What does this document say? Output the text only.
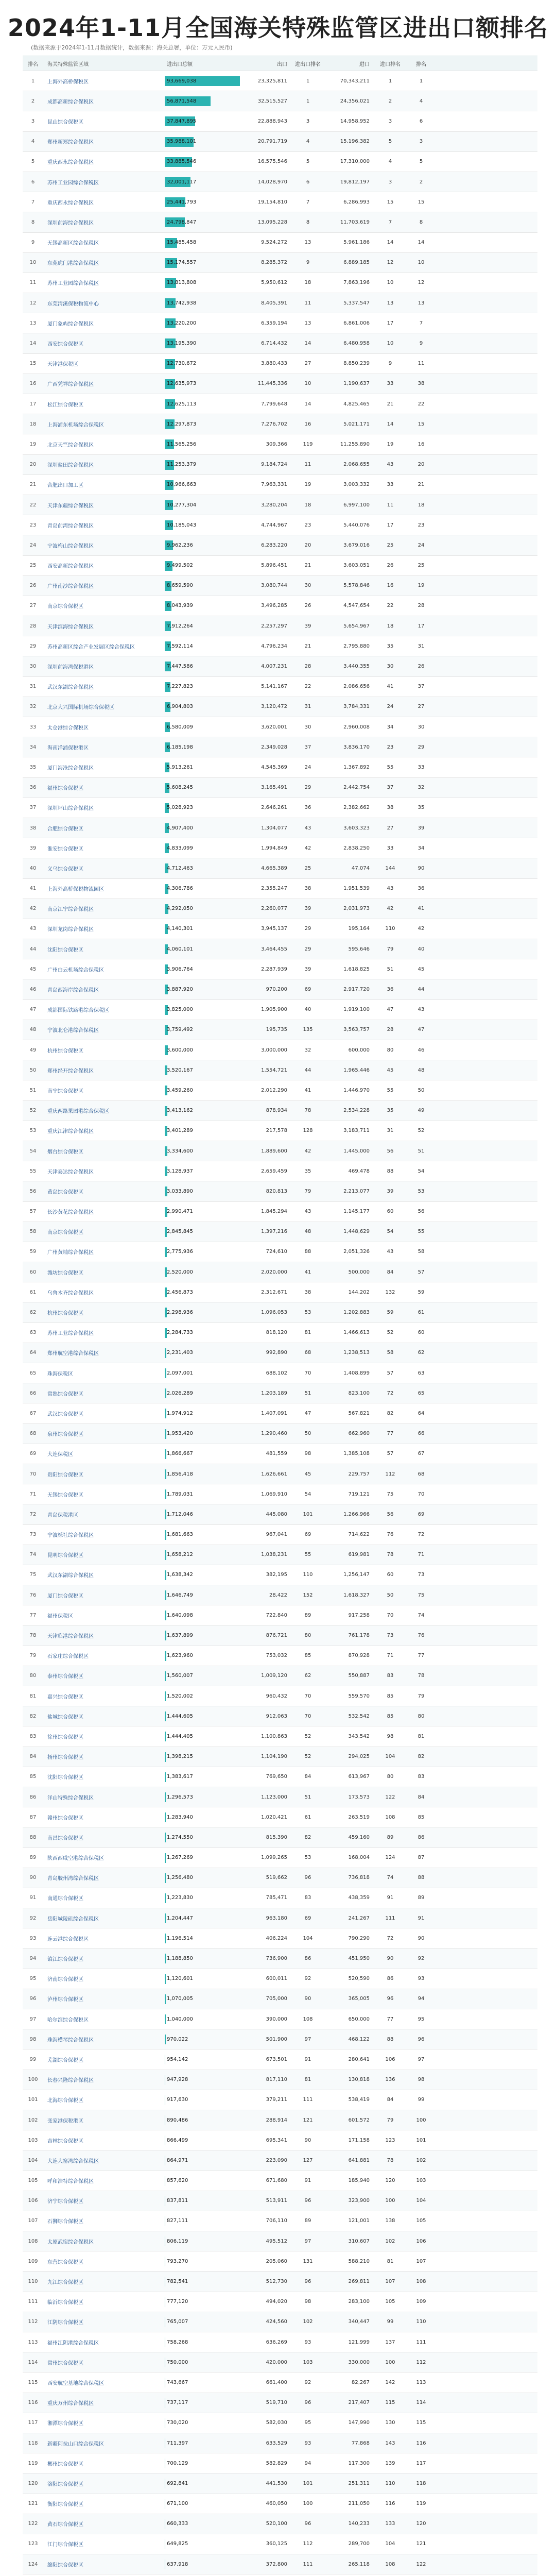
2024年1-11月全国海关特殊监管区进出口额排名
(数据来源于2024年1-11月数据统计，数据来源：海关总署，单位：万元人民币)
排名	海关特殊监管区域	进出口总额	出口	进出口排名	进口	进口排名	排名
1	上海外高桥保税区	93,669,038	23,325,811	1	70,343,211	1	1
2	成都高新综合保税区	56,871,548	32,515,527	1	24,356,021	2	4
3	昆山综合保税区	37,847,895	22,888,943	3	14,958,952	3	6
4	郑州新郑综合保税区	35,988,101	20,791,719	4	15,196,382	5	3
5	重庆西永综合保税区	33,885,546	16,575,546	5	17,310,000	4	5
6	苏州工业园综合保税区	32,001,117	14,028,970	6	19,812,197	3	2
7	重庆西永综合保税区	25,441,793	19,154,810	7	6,286,993	15	15
8	深圳前海综合保税区	24,798,847	13,095,228	8	11,703,619	7	8
9	无锡高新区综合保税区	15,485,458	9,524,272	13	5,961,186	14	14
10	东莞虎门港综合保税区	15,174,557	8,285,372	9	6,889,185	12	10
11	苏州工业园综合保税区	13,813,808	5,950,612	18	7,863,196	10	12
12	东莞清溪保税物流中心	13,742,938	8,405,391	11	5,337,547	13	13
13	厦门象屿综合保税区	13,220,200	6,359,194	13	6,861,006	17	7
14	西安综合保税区	13,195,390	6,714,432	14	6,480,958	10	9
15	天津港保税区	12,730,672	3,880,433	27	8,850,239	9	11
16	广西凭祥综合保税区	12,635,973	11,445,336	10	1,190,637	33	38
17	松江综合保税区	12,625,113	7,799,648	14	4,825,465	21	22
18	上海浦东机场综合保税区	12,297,873	7,276,702	16	5,021,171	14	15
19	北京天竺综合保税区	11,565,256	309,366	119	11,255,890	19	16
20	深圳盐田综合保税区	11,253,379	9,184,724	11	2,068,655	43	20
21	合肥出口加工区	10,966,663	7,963,331	19	3,003,332	33	21
22	天津东疆综合保税区	10,277,304	3,280,204	18	6,997,100	11	18
23	青岛前湾综合保税区	10,185,043	4,744,967	23	5,440,076	17	23
24	宁波梅山综合保税区	9,962,236	6,283,220	20	3,679,016	25	24
25	西安高新综合保税区	9,499,502	5,896,451	21	3,603,051	26	25
26	广州南沙综合保税区	8,659,590	3,080,744	30	5,578,846	16	19
27	南京综合保税区	8,043,939	3,496,285	26	4,547,654	22	28
28	天津滨海综合保税区	7,912,264	2,257,297	39	5,654,967	18	17
29	苏州高新区综合产业发展区综合保税区	7,592,114	4,796,234	21	2,795,880	35	31
30	深圳前海湾保税港区	7,447,586	4,007,231	28	3,440,355	30	26
31	武汉东湖综合保税区	7,227,823	5,141,167	22	2,086,656	41	37
32	北京大兴国际机场综合保税区	6,904,803	3,120,472	31	3,784,331	24	27
33	太仓港综合保税区	6,580,009	3,620,001	30	2,960,008	34	30
34	海南洋浦保税港区	6,185,198	2,349,028	37	3,836,170	23	29
35	厦门海沧综合保税区	5,913,261	4,545,369	24	1,367,892	55	33
36	福州综合保税区	5,608,245	3,165,491	29	2,442,754	37	32
37	深圳坪山综合保税区	5,028,923	2,646,261	36	2,382,662	38	35
38	合肥综合保税区	4,907,400	1,304,077	43	3,603,323	27	39
39	淮安综合保税区	4,833,099	1,994,849	42	2,838,250	33	34
40	义乌综合保税区	4,712,463	4,665,389	25	47,074	144	90
41	上海外高桥保税物流园区	4,306,786	2,355,247	38	1,951,539	43	36
42	南京江宁综合保税区	4,292,050	2,260,077	39	2,031,973	42	41
43	深圳龙岗综合保税区	4,140,301	3,945,137	29	195,164	110	42
44	沈阳综合保税区	4,060,101	3,464,455	29	595,646	79	40
45	广州白云机场综合保税区	3,906,764	2,287,939	39	1,618,825	51	45
46	青岛西海岸综合保税区	3,887,920	970,200	69	2,917,720	36	44
47	成都国际铁路港综合保税区	3,825,000	1,905,900	40	1,919,100	47	43
48	宁波北仑港综合保税区	3,759,492	195,735	135	3,563,757	28	47
49	杭州综合保税区	3,600,000	3,000,000	32	600,000	80	46
50	郑州经开综合保税区	3,520,167	1,554,721	44	1,965,446	45	48
51	南宁综合保税区	3,459,260	2,012,290	41	1,446,970	55	50
52	重庆两路果园港综合保税区	3,413,162	878,934	78	2,534,228	35	49
53	重庆江津综合保税区	3,401,289	217,578	128	3,183,711	31	52
54	烟台综合保税区	3,334,600	1,889,600	42	1,445,000	56	51
55	天津泰达综合保税区	3,128,937	2,659,459	35	469,478	88	54
56	黄岛综合保税区	3,033,890	820,813	79	2,213,077	39	53
57	长沙黄花综合保税区	2,990,471	1,845,294	43	1,145,177	60	56
58	南京综合保税区	2,845,845	1,397,216	48	1,448,629	54	55
59	广州黄埔综合保税区	2,775,936	724,610	88	2,051,326	43	58
60	潍坊综合保税区	2,520,000	2,020,000	41	500,000	84	57
61	乌鲁木齐综合保税区	2,456,873	2,312,671	38	144,202	132	59
62	杭州综合保税区	2,298,936	1,096,053	53	1,202,883	59	61
63	苏州工业综合保税区	2,284,733	818,120	81	1,466,613	52	60
64	郑州航空港综合保税区	2,231,403	992,890	68	1,238,513	58	62
65	珠海保税区	2,097,001	688,102	70	1,408,899	57	63
66	常熟综合保税区	2,026,289	1,203,189	51	823,100	72	65
67	武汉综合保税区	1,974,912	1,407,091	47	567,821	82	64
68	泉州综合保税区	1,953,420	1,290,460	50	662,960	77	66
69	大连保税区	1,866,667	481,559	98	1,385,108	57	67
70	贵阳综合保税区	1,856,418	1,626,661	45	229,757	112	68
71	无锡综合保税区	1,789,031	1,069,910	54	719,121	75	70
72	青岛保税港区	1,712,046	445,080	101	1,266,966	56	69
73	宁波栎社综合保税区	1,681,663	967,041	69	714,622	76	72
74	昆明综合保税区	1,658,212	1,038,231	55	619,981	78	71
75	武汉东湖综合保税区	1,638,342	382,195	110	1,256,147	60	73
76	厦门综合保税区	1,646,749	28,422	152	1,618,327	50	75
77	福州保税区	1,640,098	722,840	89	917,258	70	74
78	天津临港综合保税区	1,637,899	876,721	80	761,178	73	76
79	石家庄综合保税区	1,623,960	753,032	85	870,928	71	77
80	泰州综合保税区	1,560,007	1,009,120	62	550,887	83	78
81	嘉兴综合保税区	1,520,002	960,432	70	559,570	85	79
82	盐城综合保税区	1,444,605	912,063	70	532,542	85	80
83	徐州综合保税区	1,444,405	1,100,863	52	343,542	98	81
84	扬州综合保税区	1,398,215	1,104,190	52	294,025	104	82
85	沈阳综合保税区	1,383,617	769,650	84	613,967	80	83
86	洋山特殊综合保税区	1,296,573	1,123,000	51	173,573	122	84
87	赣州综合保税区	1,283,940	1,020,421	61	263,519	108	85
88	南昌综合保税区	1,274,550	815,390	82	459,160	89	86
89	陕西西咸空港综合保税区	1,267,269	1,099,265	53	168,004	124	87
90	青岛胶州湾综合保税区	1,256,480	519,662	96	736,818	74	88
91	南通综合保税区	1,223,830	785,471	83	438,359	91	89
92	岳阳城陵矶综合保税区	1,204,447	963,180	69	241,267	111	91
93	连云港综合保税区	1,196,514	406,224	104	790,290	72	90
94	镇江综合保税区	1,188,850	736,900	86	451,950	90	92
95	济南综合保税区	1,120,601	600,011	92	520,590	86	93
96	泸州综合保税区	1,070,005	705,000	90	365,005	96	94
97	哈尔滨综合保税区	1,040,000	390,000	108	650,000	77	95
98	珠海横琴综合保税区	970,022	501,900	97	468,122	88	96
99	芜湖综合保税区	954,142	673,501	91	280,641	106	97
100	长春兴隆综合保税区	947,928	817,110	81	130,818	136	98
101	北海综合保税区	917,630	379,211	111	538,419	84	99
102	张家港保税港区	890,486	288,914	121	601,572	79	100
103	吉林综合保税区	866,499	695,341	90	171,158	123	101
104	大连大窑湾综合保税区	864,971	223,090	127	641,881	78	102
105	呼和浩特综合保税区	857,620	671,680	91	185,940	120	103
106	济宁综合保税区	837,811	513,911	96	323,900	100	104
107	石狮综合保税区	827,111	706,110	89	121,001	138	105
108	太原武宿综合保税区	806,119	495,512	97	310,607	102	106
109	东营综合保税区	793,270	205,060	131	588,210	81	107
110	九江综合保税区	782,541	512,730	96	269,811	107	108
111	临沂综合保税区	777,120	494,020	98	283,100	105	109
112	江阴综合保税区	765,007	424,560	102	340,447	99	110
113	福州江阴港综合保税区	758,268	636,269	93	121,999	137	111
114	常州综合保税区	750,000	420,000	103	330,000	100	112
115	西安航空基地综合保税区	743,667	661,400	92	82,267	142	113
116	重庆万州综合保税区	737,117	519,710	96	217,407	115	114
117	湘潭综合保税区	730,020	582,030	95	147,990	130	115
118	新疆阿拉山口综合保税区	711,397	633,529	93	77,868	143	116
119	郴州综合保税区	700,129	582,829	94	117,300	139	117
120	洛阳综合保税区	692,841	441,530	101	251,311	110	118
121	衡阳综合保税区	671,100	460,050	100	211,050	116	119
122	黄石综合保税区	660,333	520,100	96	140,233	133	120
123	江门综合保税区	649,825	360,125	112	289,700	104	121
124	绵阳综合保税区	637,918	372,800	111	265,118	108	122
